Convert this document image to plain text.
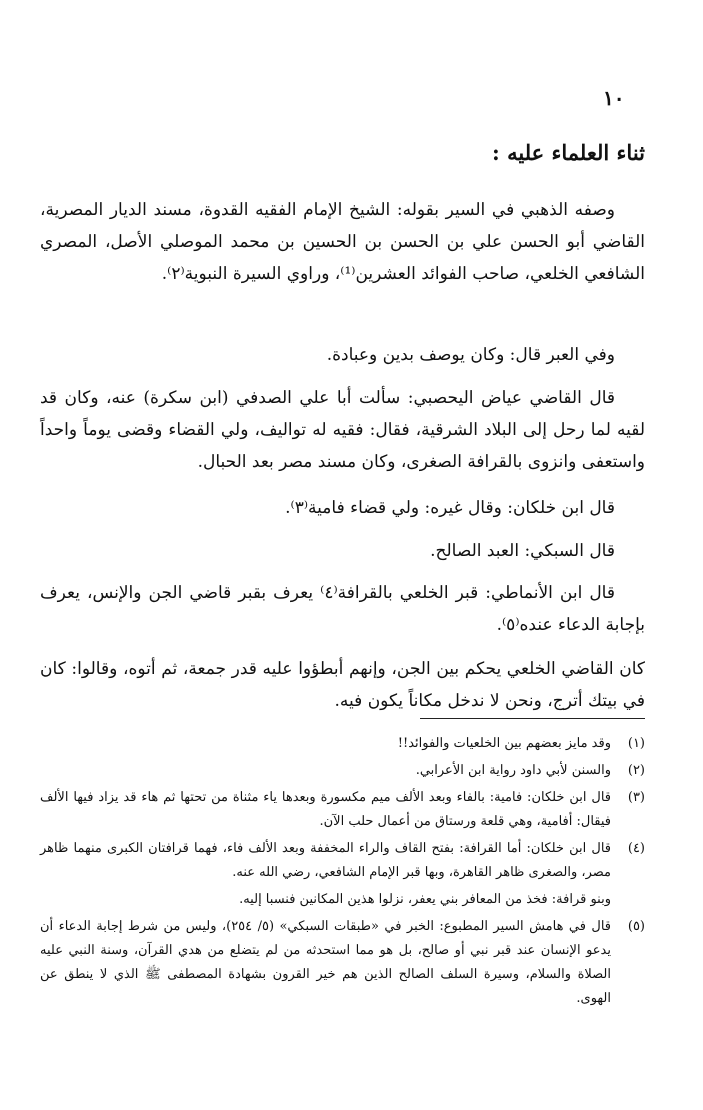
١٠
ثناء العلماء عليه :

وصفه الذهبي في السير بقوله: الشيخ الإمام الفقيه القدوة، مسند الديار المصرية، القاضي أبو الحسن علي بن الحسن بن الحسين بن محمد الموصلي الأصل، المصري الشافعي الخلعي، صاحب الفوائد العشرين⁽¹⁾، وراوي السيرة النبوية⁽٢⁾.

وفي العبر قال: وكان يوصف بدين وعبادة.

قال القاضي عياض اليحصبي: سألت أبا علي الصدفي (ابن سكرة) عنه، وكان قد لقيه لما رحل إلى البلاد الشرقية، فقال: فقيه له تواليف، ولي القضاء وقضى يوماً واحداً واستعفى وانزوى بالقرافة الصغرى، وكان مسند مصر بعد الحبال.

قال ابن خلكان: وقال غيره: ولي قضاء فامية⁽٣⁾.

قال السبكي: العبد الصالح.

قال ابن الأنماطي: قبر الخلعي بالقرافة⁽٤⁾ يعرف بقبر قاضي الجن والإنس، يعرف بإجابة الدعاء عنده⁽٥⁾.

كان القاضي الخلعي يحكم بين الجن، وإنهم أبطؤوا عليه قدر جمعة، ثم أتوه، وقالوا: كان في بيتك أترج، ونحن لا ندخل مكاناً يكون فيه.

(١)
وقد مايز بعضهم بين الخلعيات والفوائد!!
(٢)
والسنن لأبي داود رواية ابن الأعرابي.
(٣)
قال ابن خلكان: فامية: بالفاء وبعد الألف ميم مكسورة وبعدها ياء مثناة من تحتها ثم هاء قد يزاد فيها الألف فيقال: أفامية، وهي قلعة ورستاق من أعمال حلب الآن.
(٤)
قال ابن خلكان: أما القرافة: بفتح القاف والراء المخففة وبعد الألف فاء، فهما قرافتان الكبرى منهما ظاهر مصر، والصغرى ظاهر القاهرة، وبها قبر الإمام الشافعي، رضي الله عنه.
وبنو قرافة: فخذ من المعافر بني يعفر، نزلوا هذين المكانين فنسبا إليه.
(٥)
قال في هامش السير المطبوع: الخبر في «طبقات السبكي» (٥/ ٢٥٤)، وليس من شرط إجابة الدعاء أن يدعو الإنسان عند قبر نبي أو صالح، بل هو مما استحدثه من لم يتضلع من هدي القرآن، وسنة النبي عليه الصلاة والسلام، وسيرة السلف الصالح الذين هم خير القرون بشهادة المصطفى ﷺ الذي لا ينطق عن الهوى.
